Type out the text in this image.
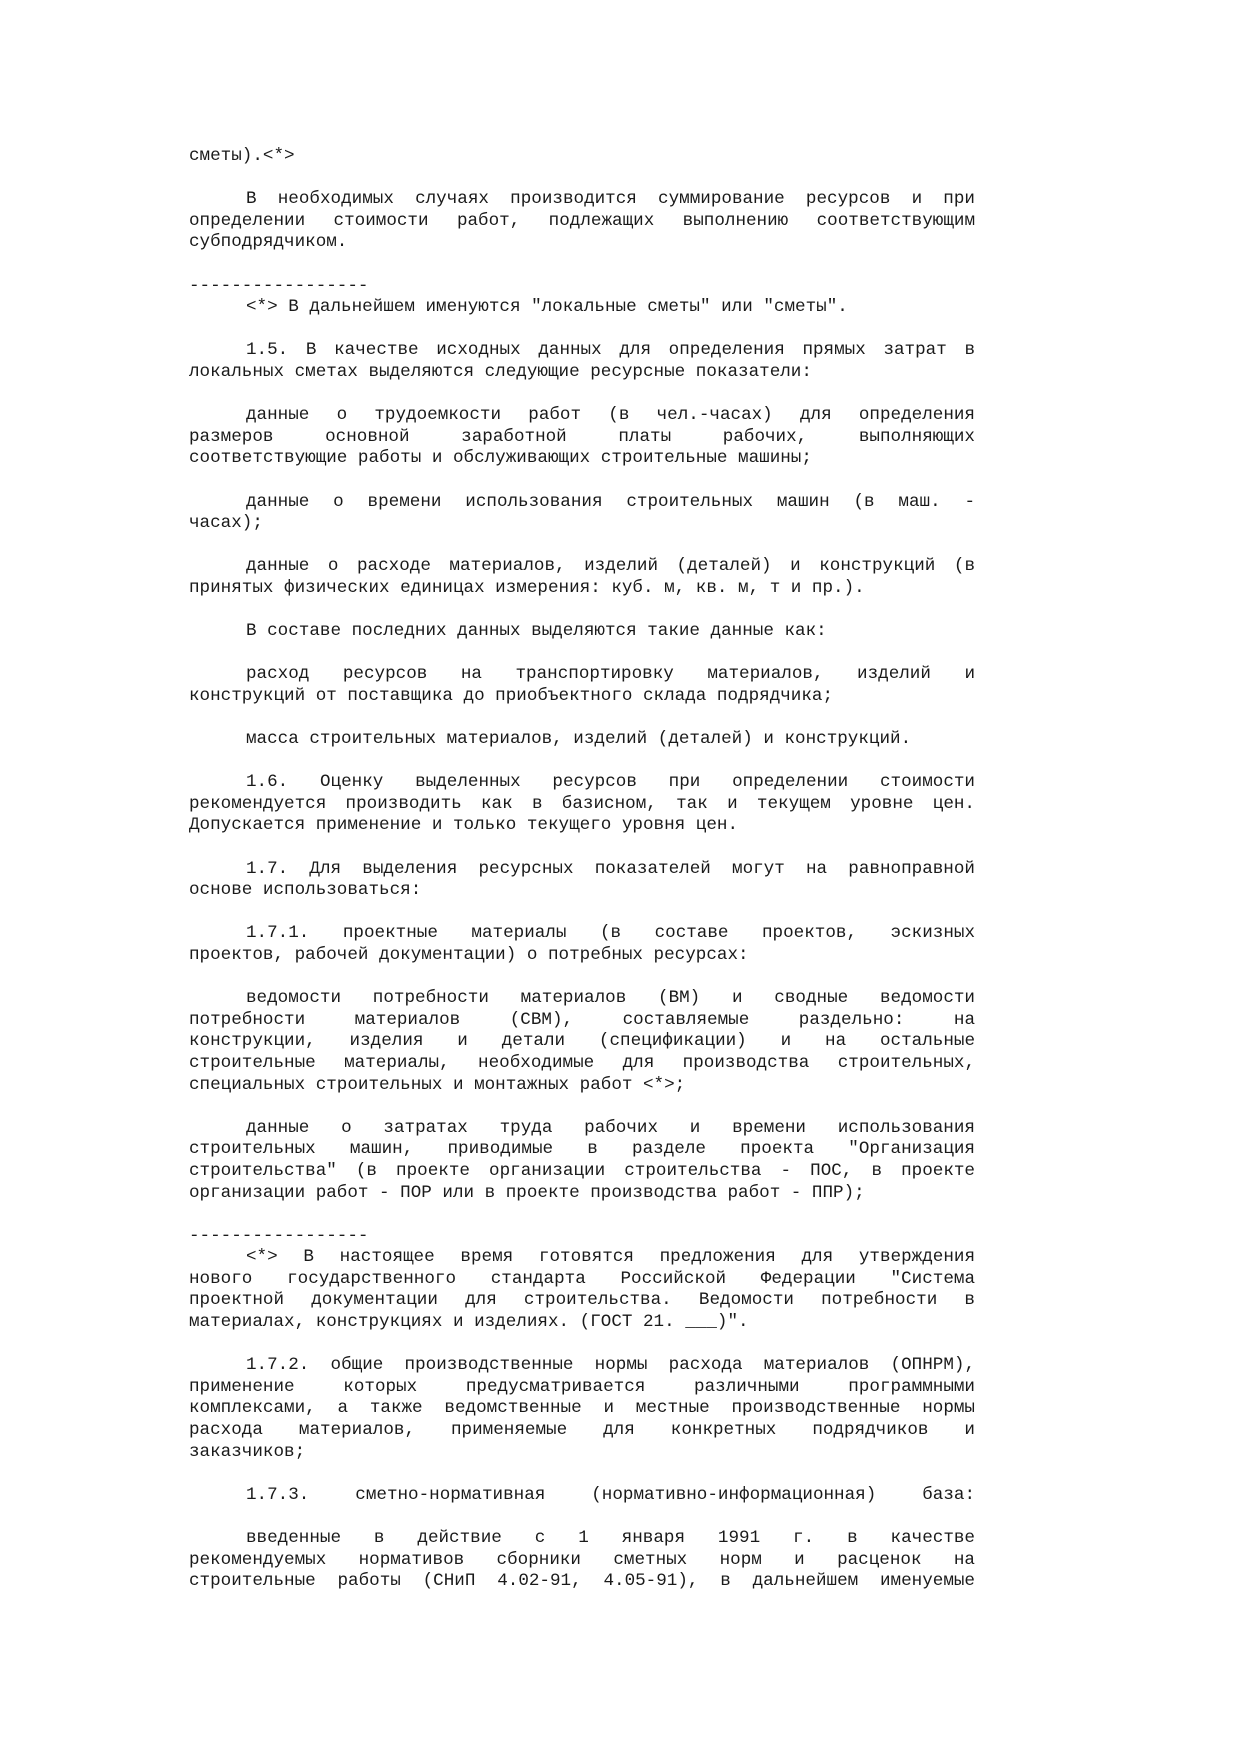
сметы).<*>
В необходимых случаях производится суммирование ресурсов и при
определении стоимости работ, подлежащих выполнению соответствующим
субподрядчиком.
-----------------
<*> В дальнейшем именуются "локальные сметы" или "сметы".
1.5. В качестве исходных данных для определения прямых затрат в
локальных сметах выделяются следующие ресурсные показатели:
данные о трудоемкости работ (в чел.-часах) для определения
размеров основной заработной платы рабочих, выполняющих
соответствующие работы и обслуживающих строительные машины;
данные о времени использования строительных машин (в маш. -
часах);
данные о расходе материалов, изделий (деталей) и конструкций (в
принятых физических единицах измерения: куб. м, кв. м, т и пр.).
В составе последних данных выделяются такие данные как:
расход ресурсов на транспортировку материалов, изделий и
конструкций от поставщика до приобъектного склада подрядчика;
масса строительных материалов, изделий (деталей) и конструкций.
1.6. Оценку выделенных ресурсов при определении стоимости
рекомендуется производить как в базисном, так и текущем уровне цен.
Допускается применение и только текущего уровня цен.
1.7. Для выделения ресурсных показателей могут на равноправной
основе использоваться:
1.7.1. проектные материалы (в составе проектов, эскизных
проектов, рабочей документации) о потребных ресурсах:
ведомости потребности материалов (ВМ) и сводные ведомости
потребности материалов (СВМ), составляемые раздельно: на
конструкции, изделия и детали (спецификации) и на остальные
строительные материалы, необходимые для производства строительных,
специальных строительных и монтажных работ <*>;
данные о затратах труда рабочих и времени использования
строительных машин, приводимые в разделе проекта "Организация
строительства" (в проекте организации строительства - ПОС, в проекте
организации работ - ПОР или в проекте производства работ - ППР);
-----------------
<*> В настоящее время готовятся предложения для утверждения
нового государственного стандарта Российской Федерации "Система
проектной документации для строительства. Ведомости потребности в
материалах, конструкциях и изделиях. (ГОСТ 21. ___)".
1.7.2. общие производственные нормы расхода материалов (ОПНРМ),
применение которых предусматривается различными программными
комплексами, а также ведомственные и местные производственные нормы
расхода материалов, применяемые для конкретных подрядчиков и
заказчиков;
1.7.3. сметно-нормативная (нормативно-информационная) база:
введенные в действие с 1 января 1991 г. в качестве
рекомендуемых нормативов сборники сметных норм и расценок на
строительные работы (СНиП 4.02-91, 4.05-91), в дальнейшем именуемые
